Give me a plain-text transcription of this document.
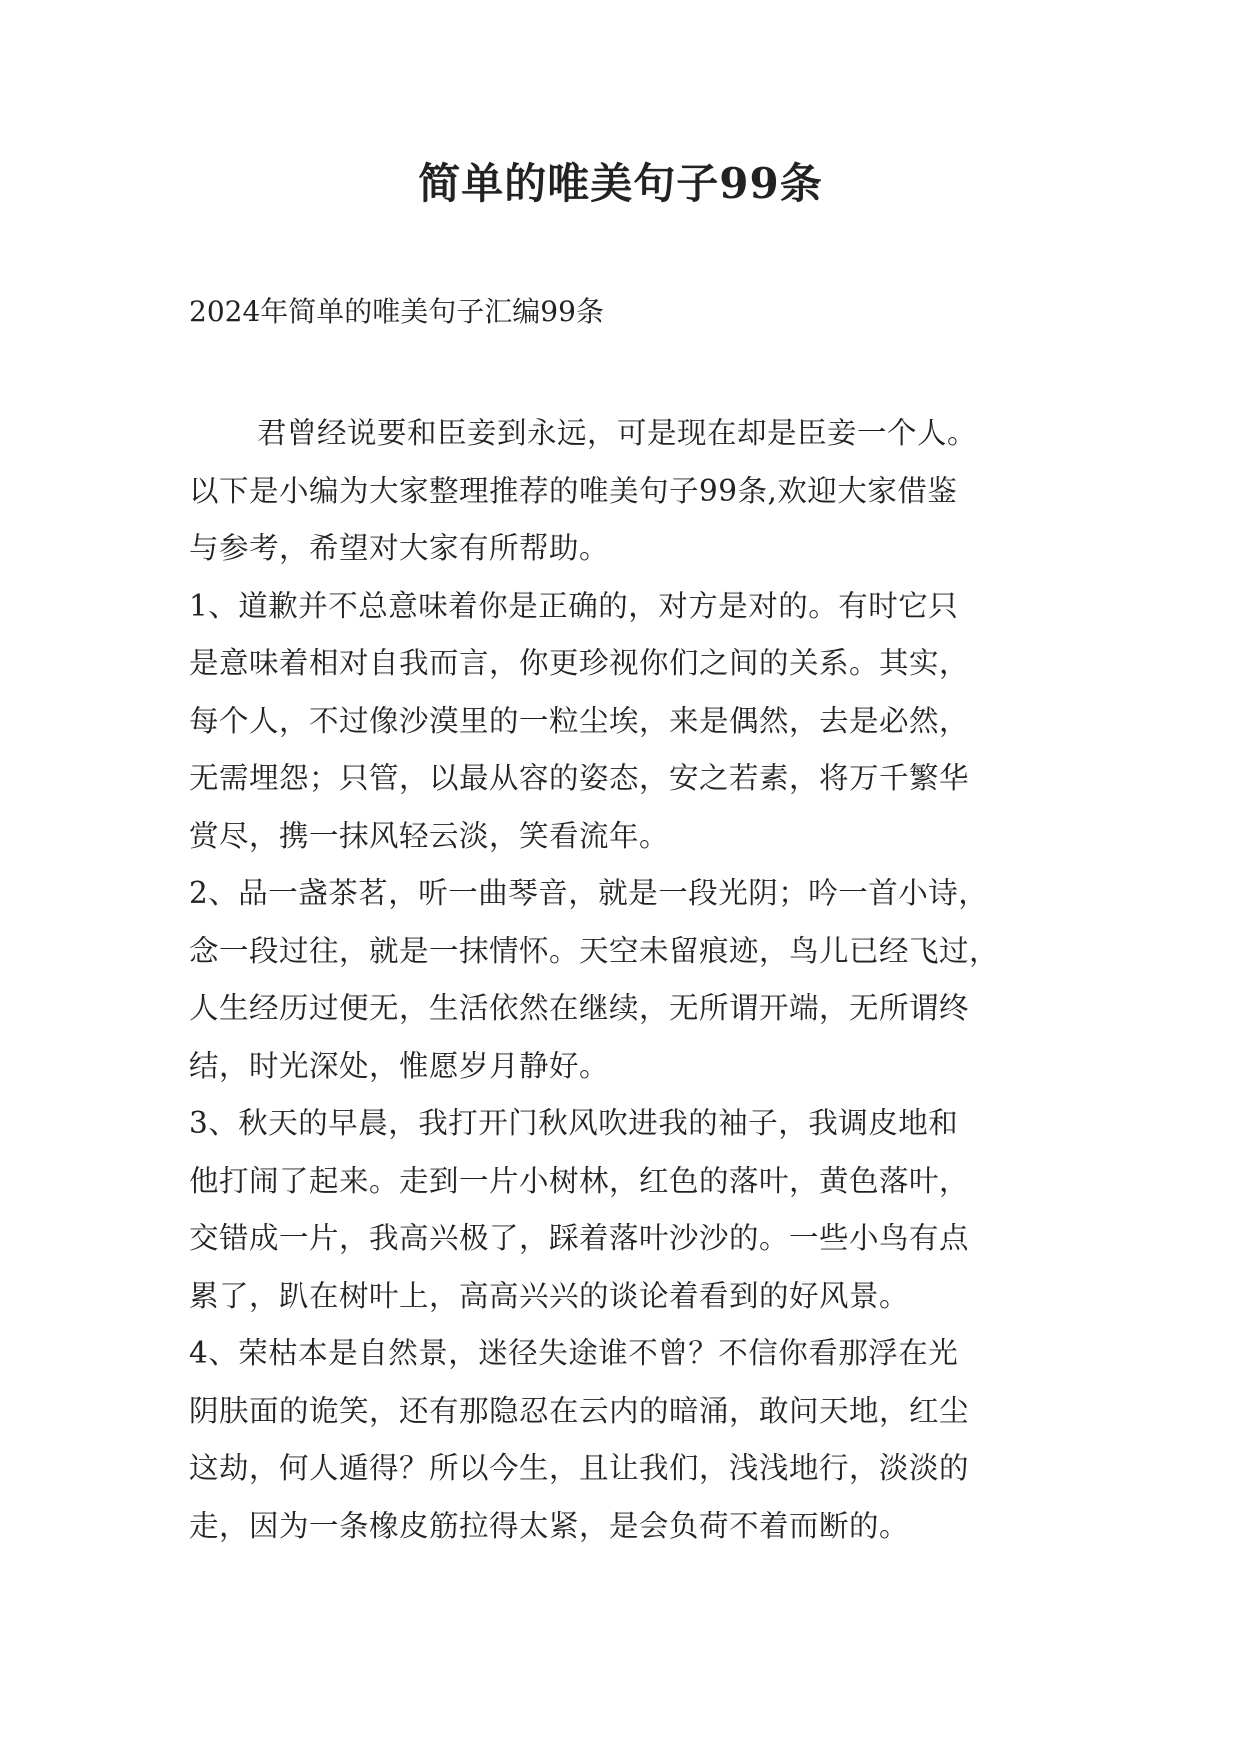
简单的唯美句子99条
2024年简单的唯美句子汇编99条
君曾经说要和臣妾到永远，可是现在却是臣妾一个人。
以下是小编为大家整理推荐的唯美句子99条,欢迎大家借鉴
与参考，希望对大家有所帮助。
1、道歉并不总意味着你是正确的，对方是对的。有时它只
是意味着相对自我而言，你更珍视你们之间的关系。其实，
每个人，不过像沙漠里的一粒尘埃，来是偶然，去是必然，
无需埋怨；只管，以最从容的姿态，安之若素，将万千繁华
赏尽，携一抹风轻云淡，笑看流年。
2、品一盏茶茗，听一曲琴音，就是一段光阴；吟一首小诗，
念一段过往，就是一抹情怀。天空未留痕迹，鸟儿已经飞过，
人生经历过便无，生活依然在继续，无所谓开端，无所谓终
结，时光深处，惟愿岁月静好。
3、秋天的早晨，我打开门秋风吹进我的袖子，我调皮地和
他打闹了起来。走到一片小树林，红色的落叶，黄色落叶，
交错成一片，我高兴极了，踩着落叶沙沙的。一些小鸟有点
累了，趴在树叶上，高高兴兴的谈论着看到的好风景。
4、荣枯本是自然景，迷径失途谁不曾？不信你看那浮在光
阴肤面的诡笑，还有那隐忍在云内的暗涌，敢问天地，红尘
这劫，何人遁得？所以今生，且让我们，浅浅地行，淡淡的
走，因为一条橡皮筋拉得太紧，是会负荷不着而断的。
